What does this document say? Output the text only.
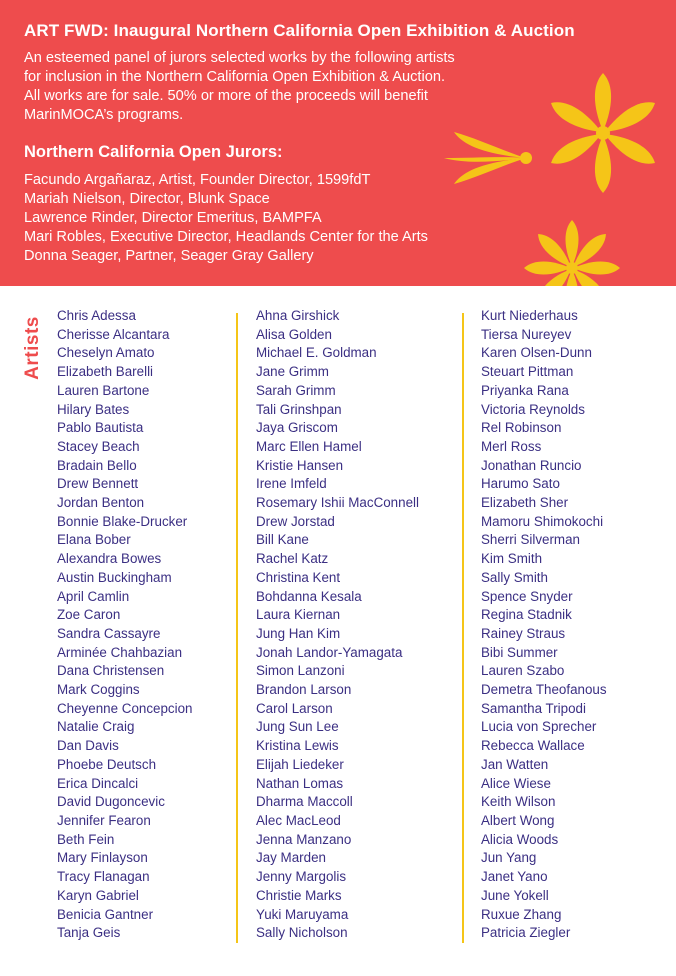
ART FWD: Inaugural Northern California Open Exhibition & Auction
An esteemed panel of jurors selected works by the following artists
for inclusion in the Northern California Open Exhibition & Auction.
All works are for sale. 50% or more of the proceeds will benefit
MarinMOCA’s programs.
Northern California Open Jurors:

Facundo Argañaraz, Artist, Founder Director, 1599fdT

Mariah Nielson, Director, Blunk Space

Lawrence Rinder, Director Emeritus, BAMPFA

Mari Robles, Executive Director, Headlands Center for the Arts

Donna Seager, Partner, Seager Gray Gallery

Artists
Chris Adessa
Cherisse Alcantara
Cheselyn Amato
Elizabeth Barelli
Lauren Bartone
Hilary Bates
Pablo Bautista
Stacey Beach
Bradain Bello
Drew Bennett
Jordan Benton
Bonnie Blake-Drucker
Elana Bober
Alexandra Bowes
Austin Buckingham
April Camlin
Zoe Caron
Sandra Cassayre
Arminée Chahbazian
Dana Christensen
Mark Coggins
Cheyenne Concepcion
Natalie Craig
Dan Davis
Phoebe Deutsch
Erica Dincalci
David Dugoncevic
Jennifer Fearon
Beth Fein
Mary Finlayson
Tracy Flanagan
Karyn Gabriel
Benicia Gantner
Tanja Geis
Ahna Girshick
Alisa Golden
Michael E. Goldman
Jane Grimm
Sarah Grimm
Tali Grinshpan
Jaya Griscom
Marc Ellen Hamel
Kristie Hansen
Irene Imfeld
Rosemary Ishii MacConnell
Drew Jorstad
Bill Kane
Rachel Katz
Christina Kent
Bohdanna Kesala
Laura Kiernan
Jung Han Kim
Jonah Landor-Yamagata
Simon Lanzoni
Brandon Larson
Carol Larson
Jung Sun Lee
Kristina Lewis
Elijah Liedeker
Nathan Lomas
Dharma Maccoll
Alec MacLeod
Jenna Manzano
Jay Marden
Jenny Margolis
Christie Marks
Yuki Maruyama
Sally Nicholson
Kurt Niederhaus
Tiersa Nureyev
Karen Olsen-Dunn
Steuart Pittman
Priyanka Rana
Victoria Reynolds
Rel Robinson
Merl Ross
Jonathan Runcio
Harumo Sato
Elizabeth Sher
Mamoru Shimokochi
Sherri Silverman
Kim Smith
Sally Smith
Spence Snyder
Regina Stadnik
Rainey Straus
Bibi Summer
Lauren Szabo
Demetra Theofanous
Samantha Tripodi
Lucia von Sprecher
Rebecca Wallace
Jan Watten
Alice Wiese
Keith Wilson
Albert Wong
Alicia Woods
Jun Yang
Janet Yano
June Yokell
Ruxue Zhang
Patricia Ziegler
